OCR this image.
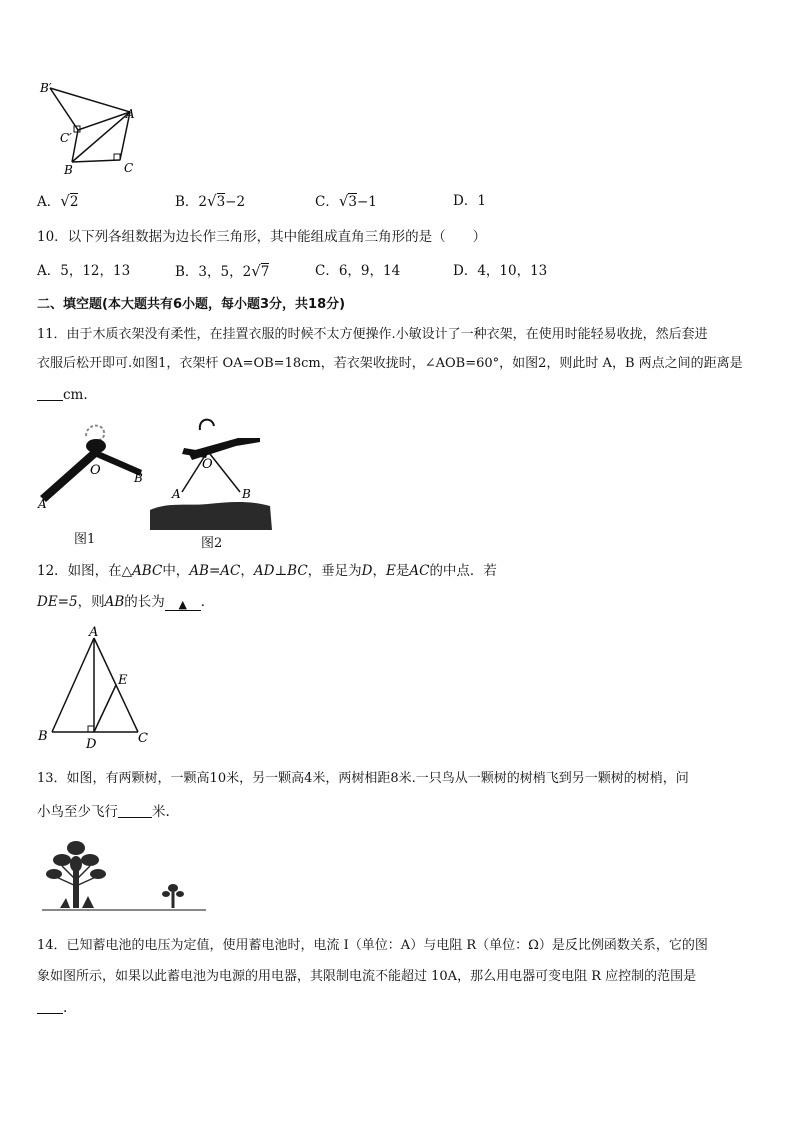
B′
A
C′
B	C
A．√2	B．2√3−2	C．√3−1	D．1
10．以下列各组数据为边长作三角形，其中能组成直角三角形的是（　　）
A．5，12，13	B．3，5，2√7	C．6，9，14	D．4，10，13
二、填空题(本大题共有6小题，每小题3分，共18分)
11．由于木质衣架没有柔性，在挂置衣服的时候不太方便操作.小敏设计了一种衣架，在使用时能轻易收拢，然后套进
衣服后松开即可.如图1，衣架杆 OA=OB=18cm，若衣架收拢时，∠AOB=60°，如图2，则此时 A，B 两点之间的距离是
cm.
O	B
A
图1
O
A	B
图2
12．如图，在△ABC中，AB=AC，AD⊥BC，垂足为D，E是AC的中点．若
DE=5，则AB的长为 ▲ ．
A
E
B
D	C
13．如图，有两颗树，一颗高10米，另一颗高4米，两树相距8米.一只鸟从一颗树的树梢飞到另一颗树的树梢，问
小鸟至少飞行	米.
14．已知蓄电池的电压为定值，使用蓄电池时，电流 I（单位：A）与电阻 R（单位：Ω）是反比例函数关系，它的图
象如图所示，如果以此蓄电池为电源的用电器，其限制电流不能超过 10A，那么用电器可变电阻 R 应控制的范围是
.
